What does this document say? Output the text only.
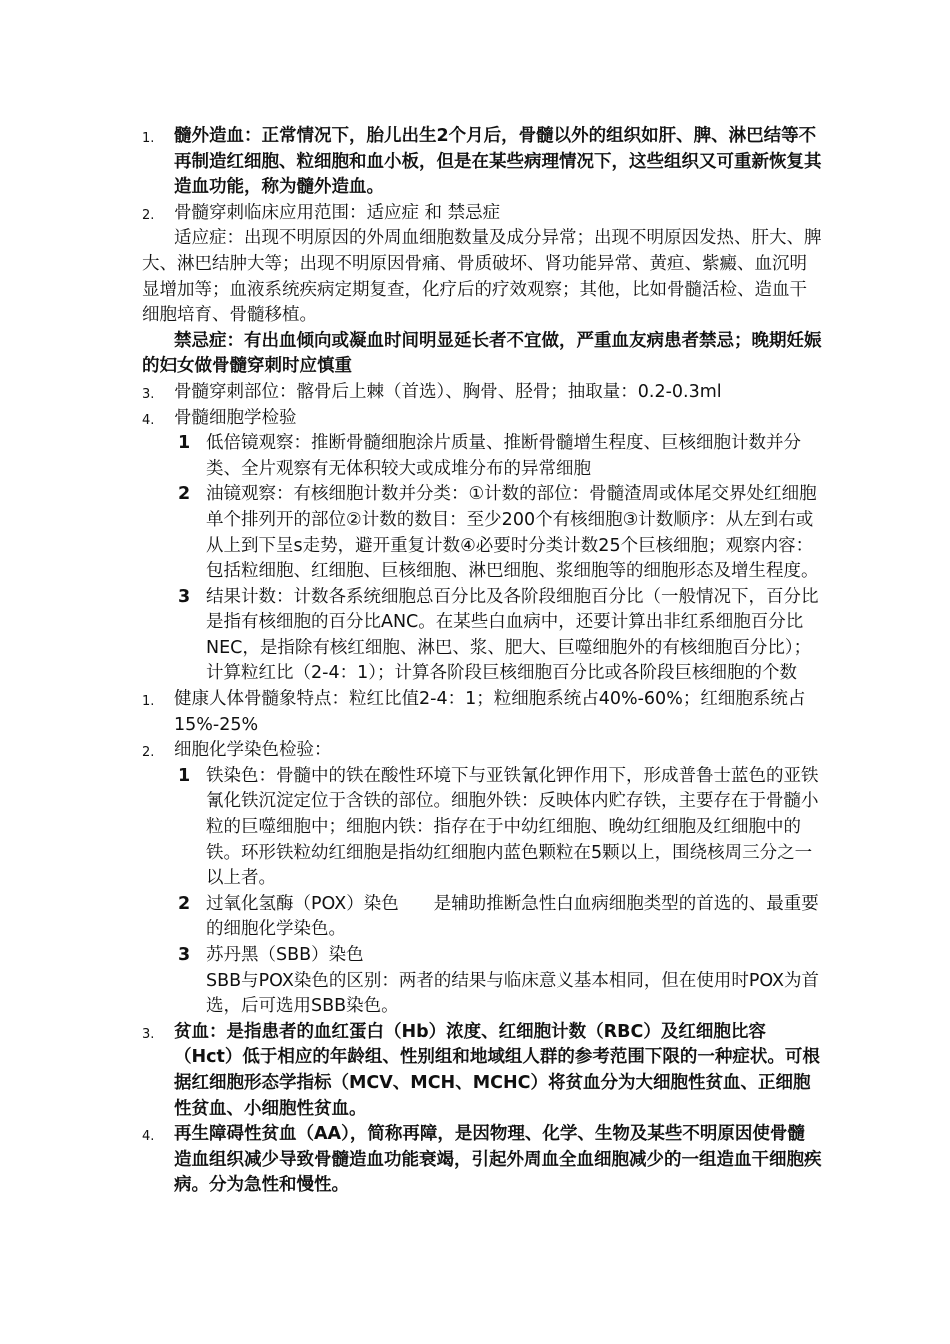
1. 髓外造血：正常情况下，胎儿出生2个月后，骨髓以外的组织如肝、脾、淋巴结等不再制造红细胞、粒细胞和血小板，但是在某些病理情况下，这些组织又可重新恢复其造血功能，称为髓外造血。
2. 骨髓穿刺临床应用范围：适应症 和 禁忌症

适应症：出现不明原因的外周血细胞数量及成分异常；出现不明原因发热、肝大、脾大、淋巴结肿大等；出现不明原因骨痛、骨质破坏、肾功能异常、黄疸、紫癜、血沉明显增加等；血液系统疾病定期复查，化疗后的疗效观察；其他，比如骨髓活检、造血干细胞培育、骨髓移植。

禁忌症：有出血倾向或凝血时间明显延长者不宜做，严重血友病患者禁忌；晚期妊娠的妇女做骨髓穿刺时应慎重

3. 骨髓穿刺部位：髂骨后上棘（首选）、胸骨、胫骨；抽取量：0.2-0.3ml
4. 骨髓细胞学检验
1 低倍镜观察：推断骨髓细胞涂片质量、推断骨髓增生程度、巨核细胞计数并分类、全片观察有无体积较大或成堆分布的异常细胞
2 油镜观察：有核细胞计数并分类：①计数的部位：骨髓渣周或体尾交界处红细胞单个排列开的部位②计数的数目：至少200个有核细胞③计数顺序：从左到右或从上到下呈s走势，避开重复计数④必要时分类计数25个巨核细胞；观察内容：包括粒细胞、红细胞、巨核细胞、淋巴细胞、浆细胞等的细胞形态及增生程度。
3 结果计数：计数各系统细胞总百分比及各阶段细胞百分比（一般情况下，百分比是指有核细胞的百分比ANC。在某些白血病中，还要计算出非红系细胞百分比NEC，是指除有核红细胞、淋巴、浆、肥大、巨噬细胞外的有核细胞百分比）；计算粒红比（2-4：1）；计算各阶段巨核细胞百分比或各阶段巨核细胞的个数
1. 健康人体骨髓象特点：粒红比值2-4：1；粒细胞系统占40%-60%；红细胞系统占15%-25%
2. 细胞化学染色检验：
1 铁染色：骨髓中的铁在酸性环境下与亚铁氰化钾作用下，形成普鲁士蓝色的亚铁氰化铁沉淀定位于含铁的部位。细胞外铁：反映体内贮存铁，主要存在于骨髓小粒的巨噬细胞中；细胞内铁：指存在于中幼红细胞、晚幼红细胞及红细胞中的铁。环形铁粒幼红细胞是指幼红细胞内蓝色颗粒在5颗以上，围绕核周三分之一以上者。
2 过氧化氢酶（POX）染色　　是辅助推断急性白血病细胞类型的首选的、最重要的细胞化学染色。
3 苏丹黑（SBB）染色

SBB与POX染色的区别：两者的结果与临床意义基本相同，但在使用时POX为首选，后可选用SBB染色。

3. 贫血：是指患者的血红蛋白（Hb）浓度、红细胞计数（RBC）及红细胞比容（Hct）低于相应的年龄组、性别组和地域组人群的参考范围下限的一种症状。可根据红细胞形态学指标（MCV、MCH、MCHC）将贫血分为大细胞性贫血、正细胞性贫血、小细胞性贫血。
4. 再生障碍性贫血（AA），简称再障，是因物理、化学、生物及某些不明原因使骨髓造血组织减少导致骨髓造血功能衰竭，引起外周血全血细胞减少的一组造血干细胞疾病。分为急性和慢性。
